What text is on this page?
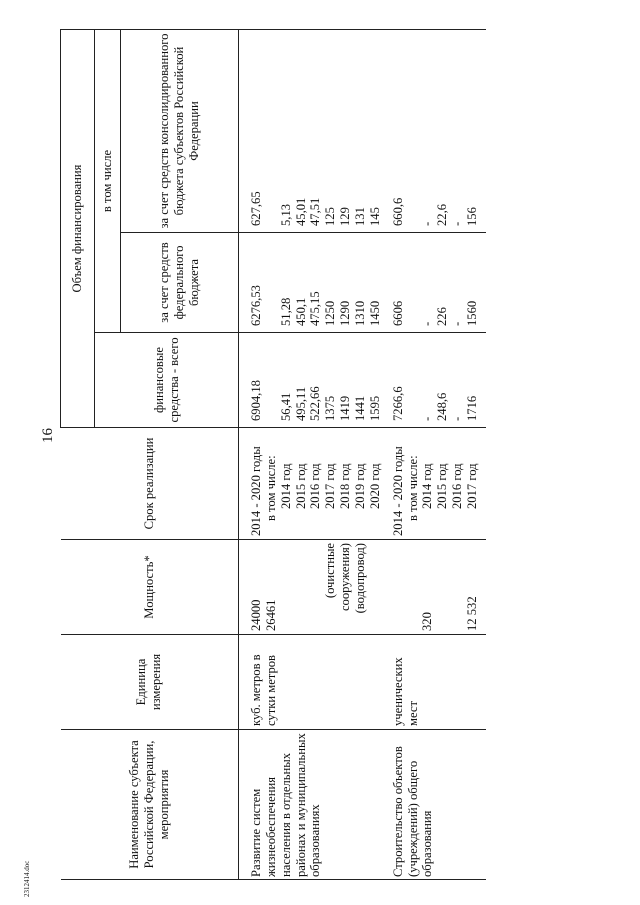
16
2312414.doc
Наименование субъекта Российской Федерации, мероприятия	Единица измерения	Мощность*	Срок реализации	Объем финансирования		
				финансовые средства - всего	в том числе	
					за счет средств федерального бюджета	за счет средств консолидированного бюджета субъектов Российской Федерации
Развитие систем жизнеобеспечения населения в отдельных районах и муниципальных образованиях	куб. метров в сутки метров	24000	2014 - 2020 годы	6904,18	6276,53	627,65
		26461	в том числе:			
			2014 год	56,41	51,28	5,13
			2015 год	495,11	450,1	45,01
			2016 год	522,66	475,15	47,51

		(очистные	2017 год	1375	1250	125

		сооружения)	2018 год	1419	1290	129

		(водопровод)	2019 год	1441	1310	131
			2020 год	1595	1450	145
Строительство объектов (учреждений) общего образования	ученических мест		2014 - 2020 годы	7266,6	6606	660,6
			в том числе:			
		320	2014 год	-	-	-
			2015 год	248,6	226	22,6
			2016 год	-	-	-
		12 532	2017 год	1716	1560	156
